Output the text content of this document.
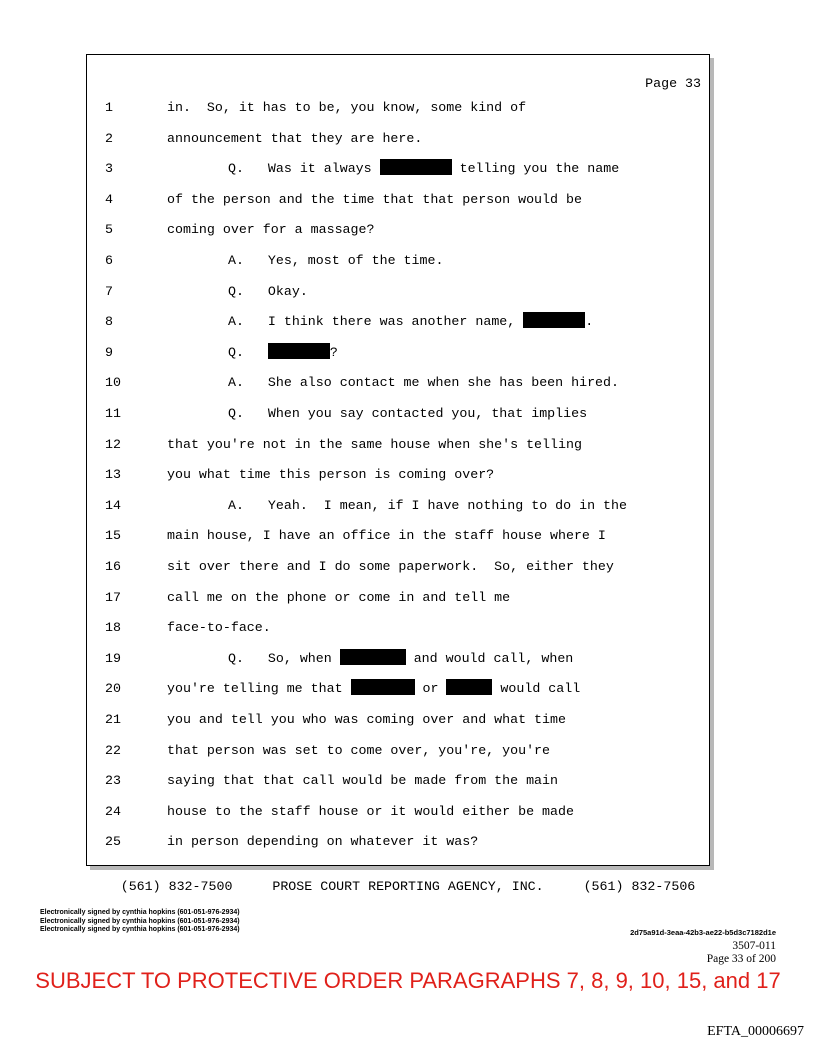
Page 33
1	in.  So, it has to be, you know, some kind of
2	announcement that they are here.
3	Q.   Was it always	telling you the name
4	of the person and the time that that person would be
5	coming over for a massage?
6	A.   Yes, most of the time.
7	Q.   Okay.
8	A.   I think there was another name,	.
9	Q.	?
10	A.   She also contact me when she has been hired.
11	Q.   When you say contacted you, that implies
12	that you're not in the same house when she's telling
13	you what time this person is coming over?
14	A.   Yeah.  I mean, if I have nothing to do in the
15	main house, I have an office in the staff house where I
16	sit over there and I do some paperwork.  So, either they
17	call me on the phone or come in and tell me
18	face-to-face.
19	Q.   So, when	and would call, when
20	you're telling me that	or	would call
21	you and tell you who was coming over and what time
22	that person was set to come over, you're, you're
23	saying that that call would be made from the main
24	house to the staff house or it would either be made
25	in person depending on whatever it was?
(561) 832-7500	PROSE COURT REPORTING AGENCY, INC.	(561) 832-7506
Electronically signed by cynthia hopkins (601-051-976-2934)
Electronically signed by cynthia hopkins (601-051-976-2934)
Electronically signed by cynthia hopkins (601-051-976-2934)	2d75a91d-3eaa-42b3-ae22-b5d3c7182d1e
3507-011
Page 33 of 200
SUBJECT TO PROTECTIVE ORDER PARAGRAPHS 7, 8, 9, 10, 15, and 17
EFTA_00006697
